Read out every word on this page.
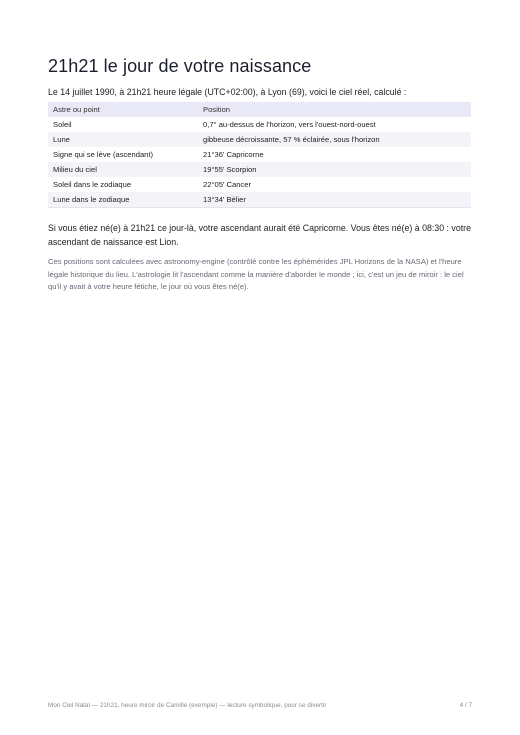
21h21 le jour de votre naissance

Le 14 juillet 1990, à 21h21 heure légale (UTC+02:00), à Lyon (69), voici le ciel réel, calculé :

Astre ou point	Position
Soleil	0,7° au-dessus de l'horizon, vers l'ouest-nord-ouest
Lune	gibbeuse décroissante, 57 % éclairée, sous l'horizon
Signe qui se lève (ascendant)	21°36' Capricorne
Milieu du ciel	19°55' Scorpion
Soleil dans le zodiaque	22°05' Cancer
Lune dans le zodiaque	13°34' Bélier

Si vous étiez né(e) à 21h21 ce jour-là, votre ascendant aurait été Capricorne. Vous êtes né(e) à 08:30 : votre ascendant de naissance est Lion.

Ces positions sont calculées avec astronomy-engine (contrôlé contre les éphémérides JPL Horizons de la NASA) et l'heure légale historique du lieu. L'astrologie lit l'ascendant comme la manière d'aborder le monde ; ici, c'est un jeu de miroir : le ciel qu'il y avait à votre heure fétiche, le jour où vous êtes né(e).

Mon Ciel Natal — 21h21, heure miroir de Camille (exemple) — lecture symbolique, pour se divertir	4 / 7
